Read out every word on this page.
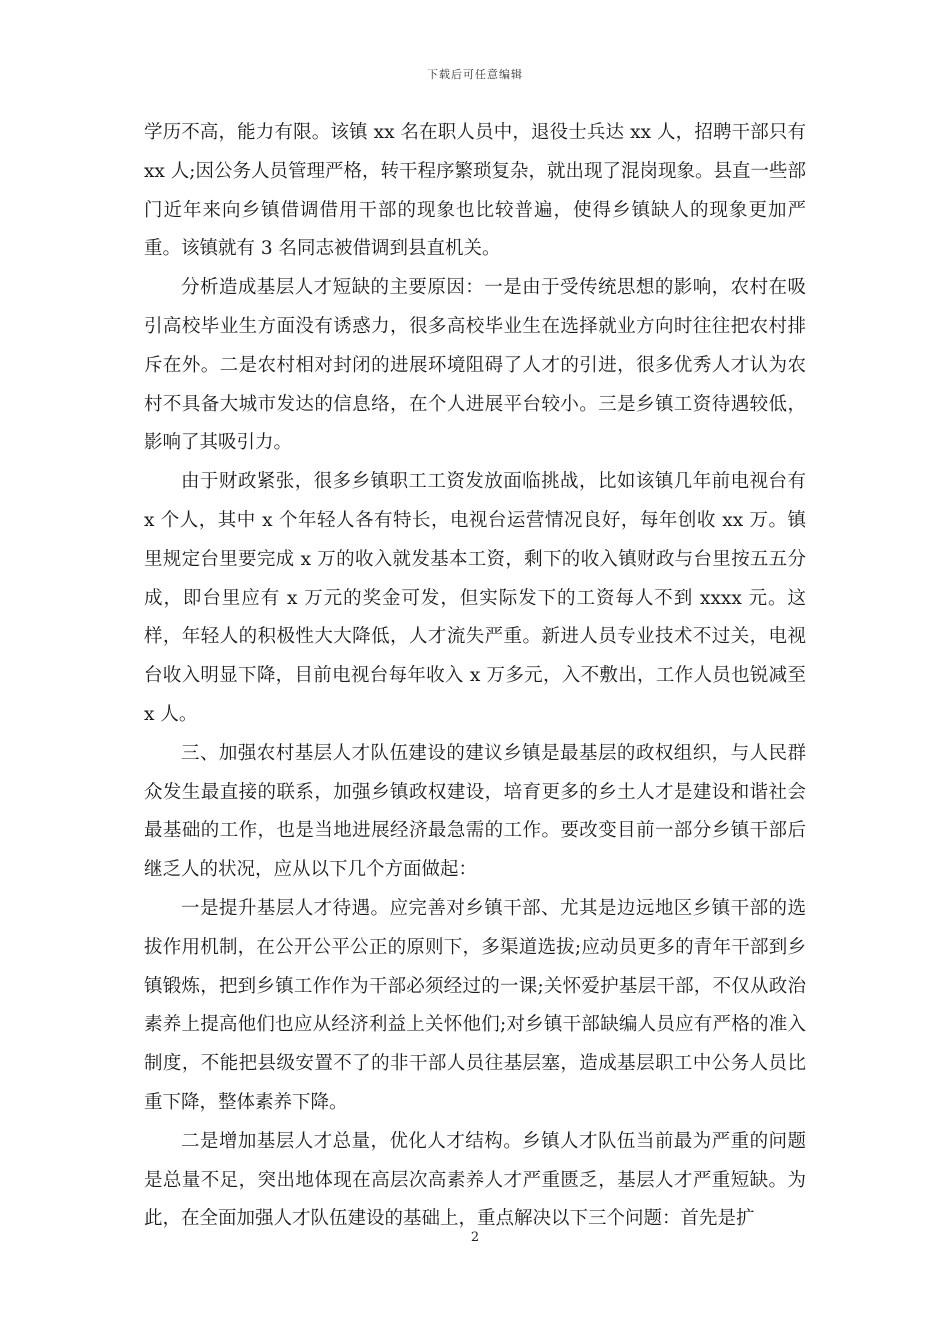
下载后可任意编辑

学历不高，能力有限。该镇 xx 名在职人员中，退役士兵达 xx 人，招聘干部只有 xx 人;因公务人员管理严格，转干程序繁琐复杂，就出现了混岗现象。县直一些部门近年来向乡镇借调借用干部的现象也比较普遍，使得乡镇缺人的现象更加严重。该镇就有 3 名同志被借调到县直机关。

分析造成基层人才短缺的主要原因：一是由于受传统思想的影响，农村在吸引高校毕业生方面没有诱惑力，很多高校毕业生在选择就业方向时往往把农村排斥在外。二是农村相对封闭的进展环境阻碍了人才的引进，很多优秀人才认为农村不具备大城市发达的信息络，在个人进展平台较小。三是乡镇工资待遇较低，影响了其吸引力。

由于财政紧张，很多乡镇职工工资发放面临挑战，比如该镇几年前电视台有 x 个人，其中 x 个年轻人各有特长，电视台运营情况良好，每年创收 xx 万。镇里规定台里要完成 x 万的收入就发基本工资，剩下的收入镇财政与台里按五五分成，即台里应有 x 万元的奖金可发，但实际发下的工资每人不到 xxxx 元。这样，年轻人的积极性大大降低，人才流失严重。新进人员专业技术不过关，电视台收入明显下降，目前电视台每年收入 x 万多元，入不敷出，工作人员也锐减至 x 人。

三、加强农村基层人才队伍建设的建议乡镇是最基层的政权组织，与人民群众发生最直接的联系，加强乡镇政权建设，培育更多的乡土人才是建设和谐社会最基础的工作，也是当地进展经济最急需的工作。要改变目前一部分乡镇干部后继乏人的状况，应从以下几个方面做起：

一是提升基层人才待遇。应完善对乡镇干部、尤其是边远地区乡镇干部的选拔作用机制，在公开公平公正的原则下，多渠道选拔;应动员更多的青年干部到乡镇锻炼，把到乡镇工作作为干部必须经过的一课;关怀爱护基层干部，不仅从政治素养上提高他们也应从经济利益上关怀他们;对乡镇干部缺编人员应有严格的准入制度，不能把县级安置不了的非干部人员往基层塞，造成基层职工中公务人员比重下降，整体素养下降。

二是增加基层人才总量，优化人才结构。乡镇人才队伍当前最为严重的问题是总量不足，突出地体现在高层次高素养人才严重匮乏，基层人才严重短缺。为此，在全面加强人才队伍建设的基础上，重点解决以下三个问题：首先是扩

2
